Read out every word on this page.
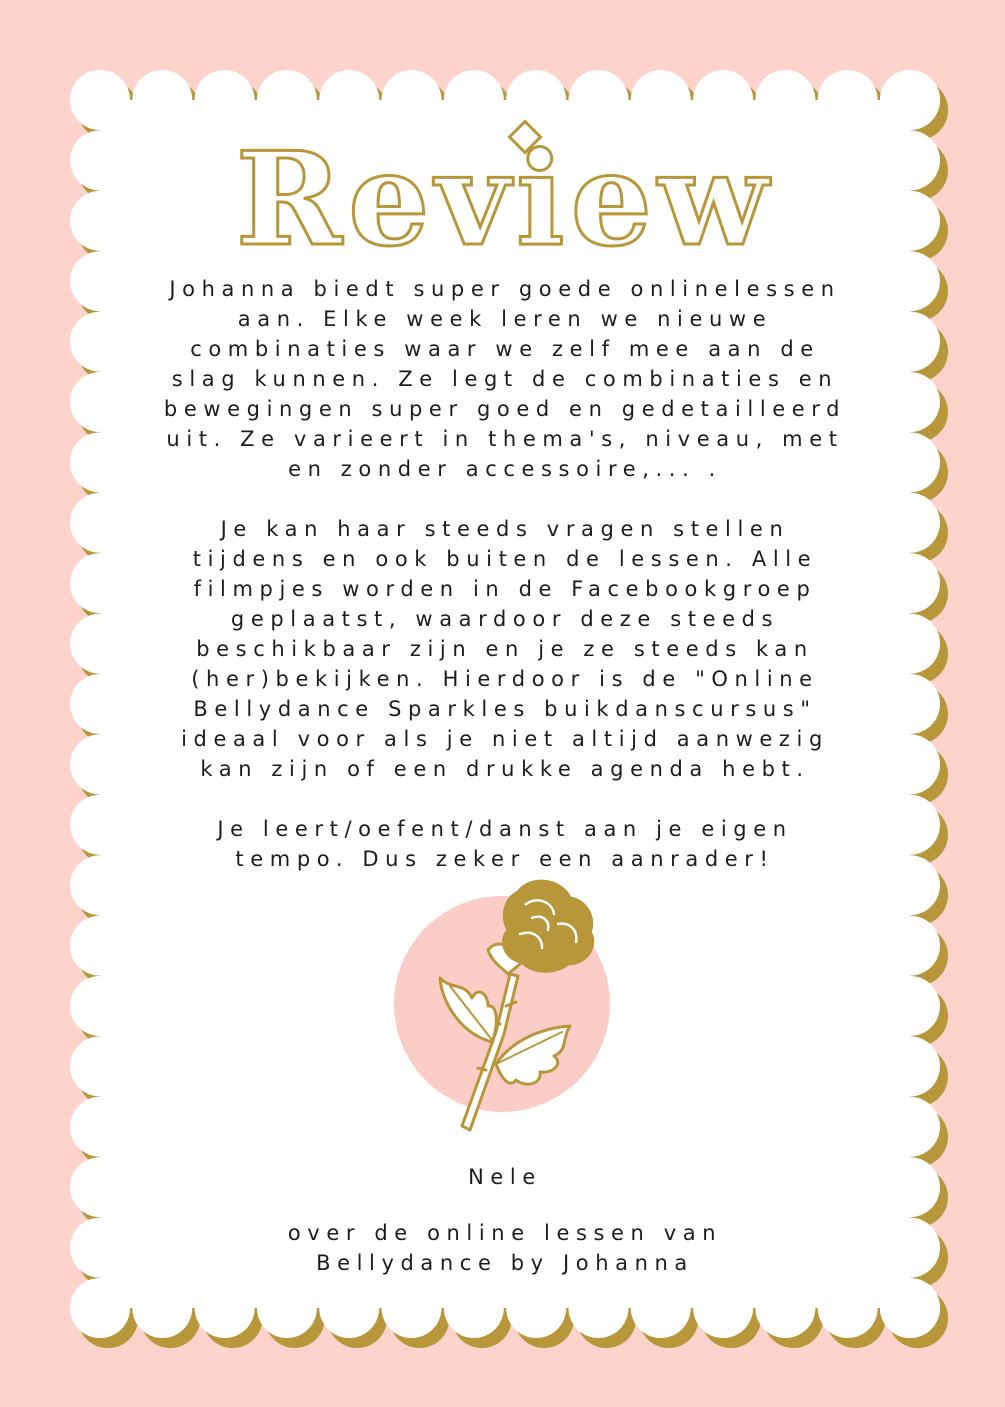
Review
Johanna biedt super goede onlinelessen
aan. Elke week leren we nieuwe
combinaties waar we zelf mee aan de
slag kunnen. Ze legt de combinaties en
bewegingen super goed en gedetailleerd
uit. Ze varieert in thema's, niveau, met
en zonder accessoire,... .
Je kan haar steeds vragen stellen
tijdens en ook buiten de lessen. Alle
filmpjes worden in de Facebookgroep
geplaatst, waardoor deze steeds
beschikbaar zijn en je ze steeds kan
(her)bekijken. Hierdoor is de "Online
Bellydance Sparkles buikdanscursus"
ideaal voor als je niet altijd aanwezig
kan zijn of een drukke agenda hebt.
Je leert/oefent/danst aan je eigen
tempo. Dus zeker een aanrader!
Nele
over de online lessen van
Bellydance by Johanna
